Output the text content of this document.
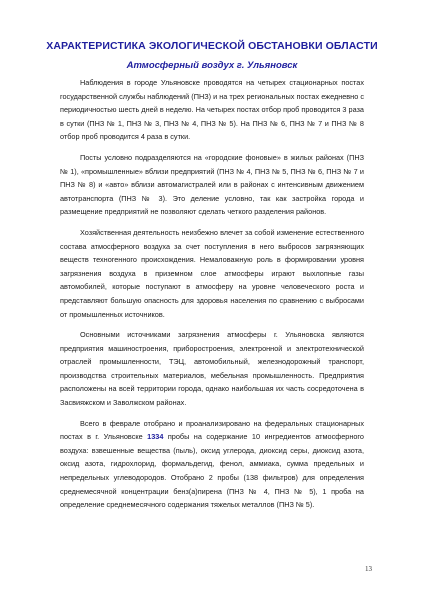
ХАРАКТЕРИСТИКА ЭКОЛОГИЧЕСКОЙ ОБСТАНОВКИ ОБЛАСТИ
Атмосферный воздух г. Ульяновск

Наблюдения в городе Ульяновске проводятся на четырех стационарных постах государственной службы наблюдений (ПНЗ) и на трех региональных постах ежедневно с периодичностью шесть дней в неделю. На четырех постах отбор проб проводится 3 раза в сутки (ПНЗ № 1, ПНЗ № 3, ПНЗ № 4, ПНЗ № 5). На ПНЗ № 6, ПНЗ № 7 и ПНЗ № 8 отбор проб проводится 4 раза в сутки.

Посты условно подразделяются на «городские фоновые» в жилых районах (ПНЗ № 1), «промышленные» вблизи предприятий (ПНЗ № 4, ПНЗ № 5, ПНЗ № 6, ПНЗ № 7 и ПНЗ № 8) и «авто» вблизи автомагистралей или в районах с интенсивным движением автотранспорта (ПНЗ № 3). Это деление условно, так как застройка города и размещение предприятий не позволяют сделать четкого разделения районов.

Хозяйственная деятельность неизбежно влечет за собой изменение естественного состава атмосферного воздуха за счет поступления в него выбросов загрязняющих веществ техногенного происхождения. Немаловажную роль в формировании уровня загрязнения воздуха в приземном слое атмосферы играют выхлопные газы автомобилей, которые поступают в атмосферу на уровне человеческого роста и представляют большую опасность для здоровья населения по сравнению с выбросами от промышленных источников.

Основными источниками загрязнения атмосферы г. Ульяновска являются предприятия машиностроения, приборостроения, электронной и электротехнической отраслей промышленности, ТЭЦ, автомобильный, железнодорожный транспорт, производства строительных материалов, мебельная промышленность. Предприятия расположены на всей территории города, однако наибольшая их часть сосредоточена в Засвияжском и Заволжском районах.

Всего в феврале отобрано и проанализировано на федеральных стационарных постах в г. Ульяновске 1334 пробы на содержание 10 ингредиентов атмосферного воздуха: взвешенные вещества (пыль), оксид углерода, диоксид серы, диоксид азота, оксид азота, гидрохлорид, формальдегид, фенол, аммиака, сумма предельных и непредельных углеводородов. Отобрано 2 пробы (138 фильтров) для определения среднемесячной концентрации бенз(а)пирена (ПНЗ № 4, ПНЗ № 5), 1 проба на определение среднемесячного содержания тяжелых металлов (ПНЗ № 5).

13
